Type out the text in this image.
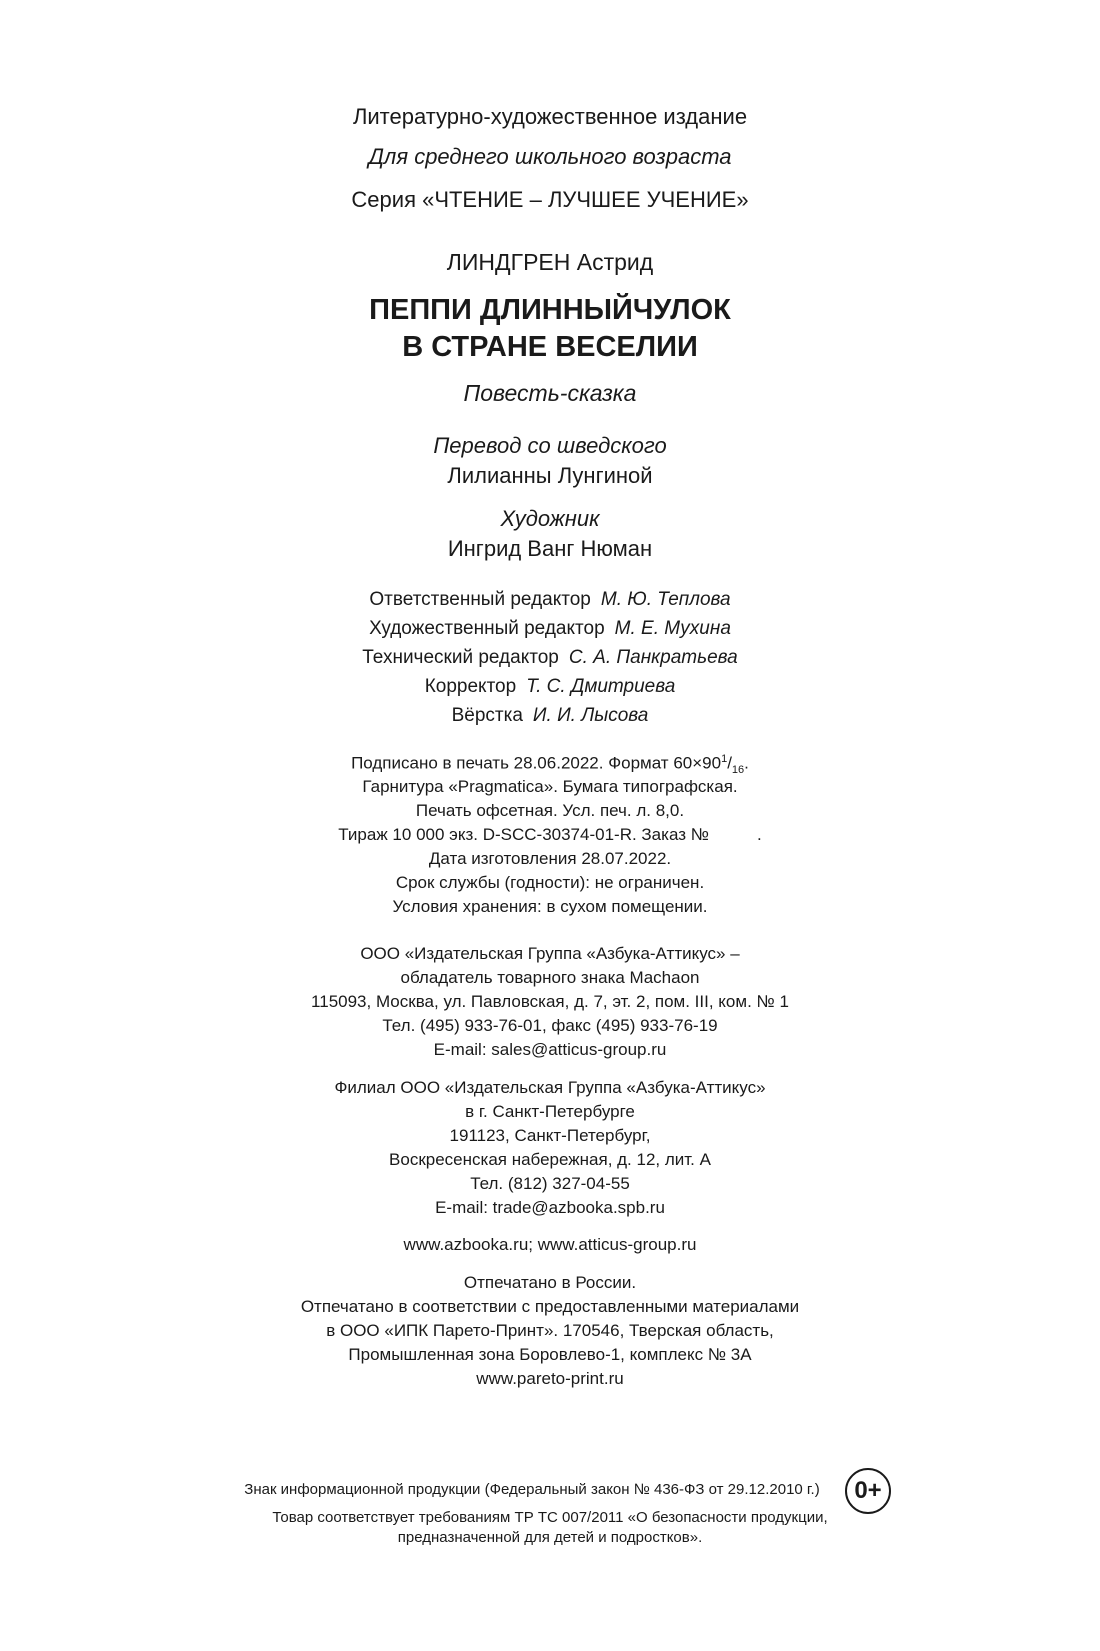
Литературно-художественное издание
Для среднего школьного возраста
Серия «ЧТЕНИЕ – ЛУЧШЕЕ УЧЕНИЕ»
ЛИНДГРЕН Астрид
ПЕППИ ДЛИННЫЙЧУЛОК
В СТРАНЕ ВЕСЕЛИИ
Повесть-сказка
Перевод со шведского
Лилианны Лунгиной
Художник
Ингрид Ванг Нюман
Ответственный редактор М. Ю. Теплова
Художественный редактор М. Е. Мухина
Технический редактор С. А. Панкратьева
Корректор Т. С. Дмитриева
Вёрстка И. И. Лысова
Подписано в печать 28.06.2022. Формат $60\times 90^1/_{16}$.
Гарнитура «Pragmatica». Бумага типографская.
Печать офсетная. Усл. печ. л. 8,0.
Тираж 10 000 экз. D-SCC-30374-01-R. Заказ №	.
Дата изготовления 28.07.2022.
Срок службы (годности): не ограничен.
Условия хранения: в сухом помещении.
ООО «Издательская Группа «Азбука-Аттикус» –
обладатель товарного знака Machaon
115093, Москва, ул. Павловская, д. 7, эт. 2, пом. III, ком. № 1
Тел. (495) 933-76-01, факс (495) 933-76-19
E-mail: sales@atticus-group.ru
Филиал ООО «Издательская Группа «Азбука-Аттикус»
в г. Санкт-Петербурге
191123, Санкт-Петербург,
Воскресенская набережная, д. 12, лит. А
Тел. (812) 327-04-55
E-mail: trade@azbooka.spb.ru
www.azbooka.ru; www.atticus-group.ru
Отпечатано в России.
Отпечатано в соответствии с предоставленными материалами
в ООО «ИПК Парето-Принт». 170546, Тверская область,
Промышленная зона Боровлево-1, комплекс № 3А
www.pareto-print.ru
Знак информационной продукции (Федеральный закон № 436-ФЗ от 29.12.2010 г.)	0+
Товар соответствует требованиям ТР ТС 007/2011 «О безопасности продукции,
предназначенной для детей и подростков».
